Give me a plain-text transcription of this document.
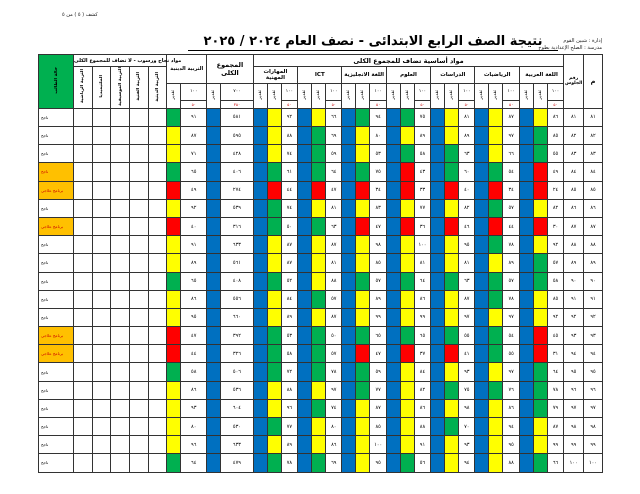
كشف ( ٥ ) من ٥
إدارة : شبين القوم
مدرسة : الصلح الإعدادية بطوخ
نتيجة الصف الرابع الابتدائى - نصف العام ٢٠٢٤ / ٢٠٢٥
حالة الطالب	مواد نجاح ورسوب - لا تضاف للمجموع الكلى					التربية الدينية		المجموع الكلى		مواد أساسية تضاف للمجموع الكلى																					رقم الجلوس	م
	التربية الرياضية	الملتيميديا	التربية الموسيقية	التربية الفنية	التربية الدينية					المهارات المهنية			ICT			اللغة الانجليزية			العلوم			الدراسات			الرياضيات			اللغة العربية				
						تقدير	١٠٠	تقدير	٧٠٠	تقدير	تقدير	١٠٠	تقدير	تقدير	١٠٠	تقدير	تقدير	١٠٠	تقدير	تقدير	١٠٠	تقدير	تقدير	١٠٠	تقدير	تقدير	١٠٠	تقدير	تقدير	١٠٠		
							٥٠		٣٥٠			٥٠			٥٠			٥٠			٥٠			٥٠			٥٠			٥٠		
ناجح							٩١		٥٨١			٩٢			٦٦			٩٤			٧٥			٨١			٨٧			٨٦	٨١	٨١
ناجح							٨٧		٥٩٥			٨٨			٦٩			٨٠			٨٩			٨٩			٩٧			٨٥	٨٢	٨٢
ناجح							٧١		٤٢٨			٧٤			٥٩			٥٣			٥٨			٦٣			٦٦			٥٥	٨٣	٨٣
ناجح							٦٥		٤٠٦			٦١			٦٤			٧٥			٤٣			٦٠			٥٤			٤٩	٨٤	٨٤
برنامج علاجي							٤٩		٢٧٤			٤٤			٤٧			٣٤			٣٣			٤٠			٣٤			٢٤	٨٥	٨٥
ناجح							٩٢		٥٣٩			٧٤			٨١			٨٣			٧٧			٨٢			٥٧			٨٢	٨٦	٨٦
برنامج علاجي							٤٠		٣١٦			٥٠			٦٣			٤٧			٣٦			٤٦			٤٤			٣٠	٨٧	٨٧
ناجح							٩١		٦٣٣			٨٧			٨٧			٩٨			١٠٠			٩٥			٧٨			٩٢	٨٨	٨٨
ناجح							٨٩		٥٦١			٨٧			٨١			٨٥			٨١			٨١			٨٩			٥٧	٨٩	٨٩
ناجح							٦٥		٤٠٨			٥٢			٨٨			٥٧			٦٤			٦٣			٥٧			٥٨	٩٠	٩٠
ناجح							٨٦		٥٥٦			٨٤			٥٧			٨٩			٨٦			٨٧			٧٨			٨٥	٩١	٩١
ناجح							٩٥		٦٦٠			٨٩			٨٧			٩٩			٩٩			٩٧			٩٧			٩٢	٩٢	٩٢
برنامج علاجي							٤٧		٣٩٢			٥٣			٥٠			٦٥			٦٥			٥٥			٥٤			٤٥	٩٣	٩٣
برنامج علاجي							٤٤		٣٢٦			٥٨			٥٧			٤٧			٣٧			٤١			٥٥			٣١	٩٤	٩٤
ناجح							٥٨		٥٠٦			٧٢			٧٨			٥٩			٨٤			٩٣			٩٧			٦٤	٩٥	٩٥
ناجح							٨٦		٥٣٦			٨٨			٩٧			٧٧			٨٢			٧٥			٧٦			٧٨	٩٦	٩٦
ناجح							٩٣		٦٠٤			٩٦			٧٤			٨٧			٨٦			٩٨			٨٦			٧٩	٩٧	٩٧
ناجح							٨٠		٥٣٠			٧٧			٨٠			٨٥			٨٨			٧٠			٩٤			٨٧	٩٨	٩٨
ناجح							٩٦		٦٣٣			٨٩			٨٦			١٠٠			٩١			٩٣			٩٥			٩٩	٩٩	٩٩
ناجح							٦٤		٤٧٩			٧٨			٦٩			٩٥			٥٦			٩٤			٨٨			٦٦	١٠٠	١٠٠
